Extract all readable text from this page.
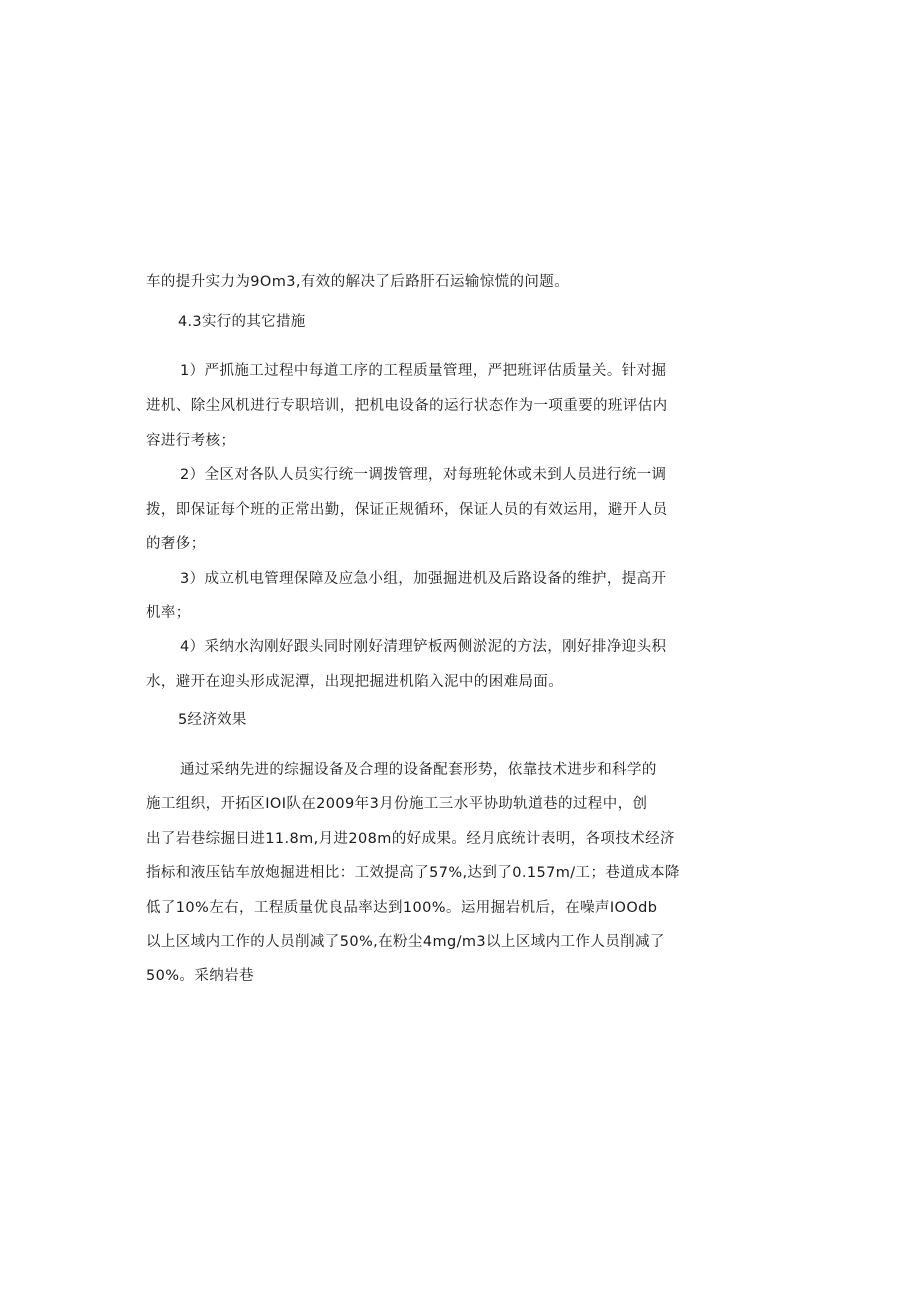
车的提升实力为9Om3,有效的解决了后路肝石运输惊慌的问题。
4.3实行的其它措施
1）严抓施工过程中每道工序的工程质量管理，严把班评估质量关。针对掘
进机、除尘风机进行专职培训，把机电设备的运行状态作为一项重要的班评估内
容进行考核；
2）全区对各队人员实行统一调拨管理，对每班轮休或未到人员进行统一调
拨，即保证每个班的正常出勤，保证正规循环，保证人员的有效运用，避开人员
的奢侈；
3）成立机电管理保障及应急小组，加强掘进机及后路设备的维护，提高开
机率；
4）采纳水沟刚好跟头同时刚好清理铲板两侧淤泥的方法，刚好排净迎头积
水，避开在迎头形成泥潭，出现把掘进机陷入泥中的困难局面。
5经济效果
通过采纳先进的综掘设备及合理的设备配套形势，依靠技术进步和科学的
施工组织，开拓区IOI队在2009年3月份施工三水平协助轨道巷的过程中，创
出了岩巷综掘日进11.8m,月进208m的好成果。经月底统计表明，各项技术经济
指标和液压钻车放炮掘进相比：工效提高了57%,达到了0.157m∕工；巷道成本降
低了10%左右，工程质量优良品率达到100%。运用掘岩机后，在噪声IOOdb
以上区域内工作的人员削减了50%,在粉尘4mg∕m3以上区域内工作人员削减了
50%。采纳岩巷
